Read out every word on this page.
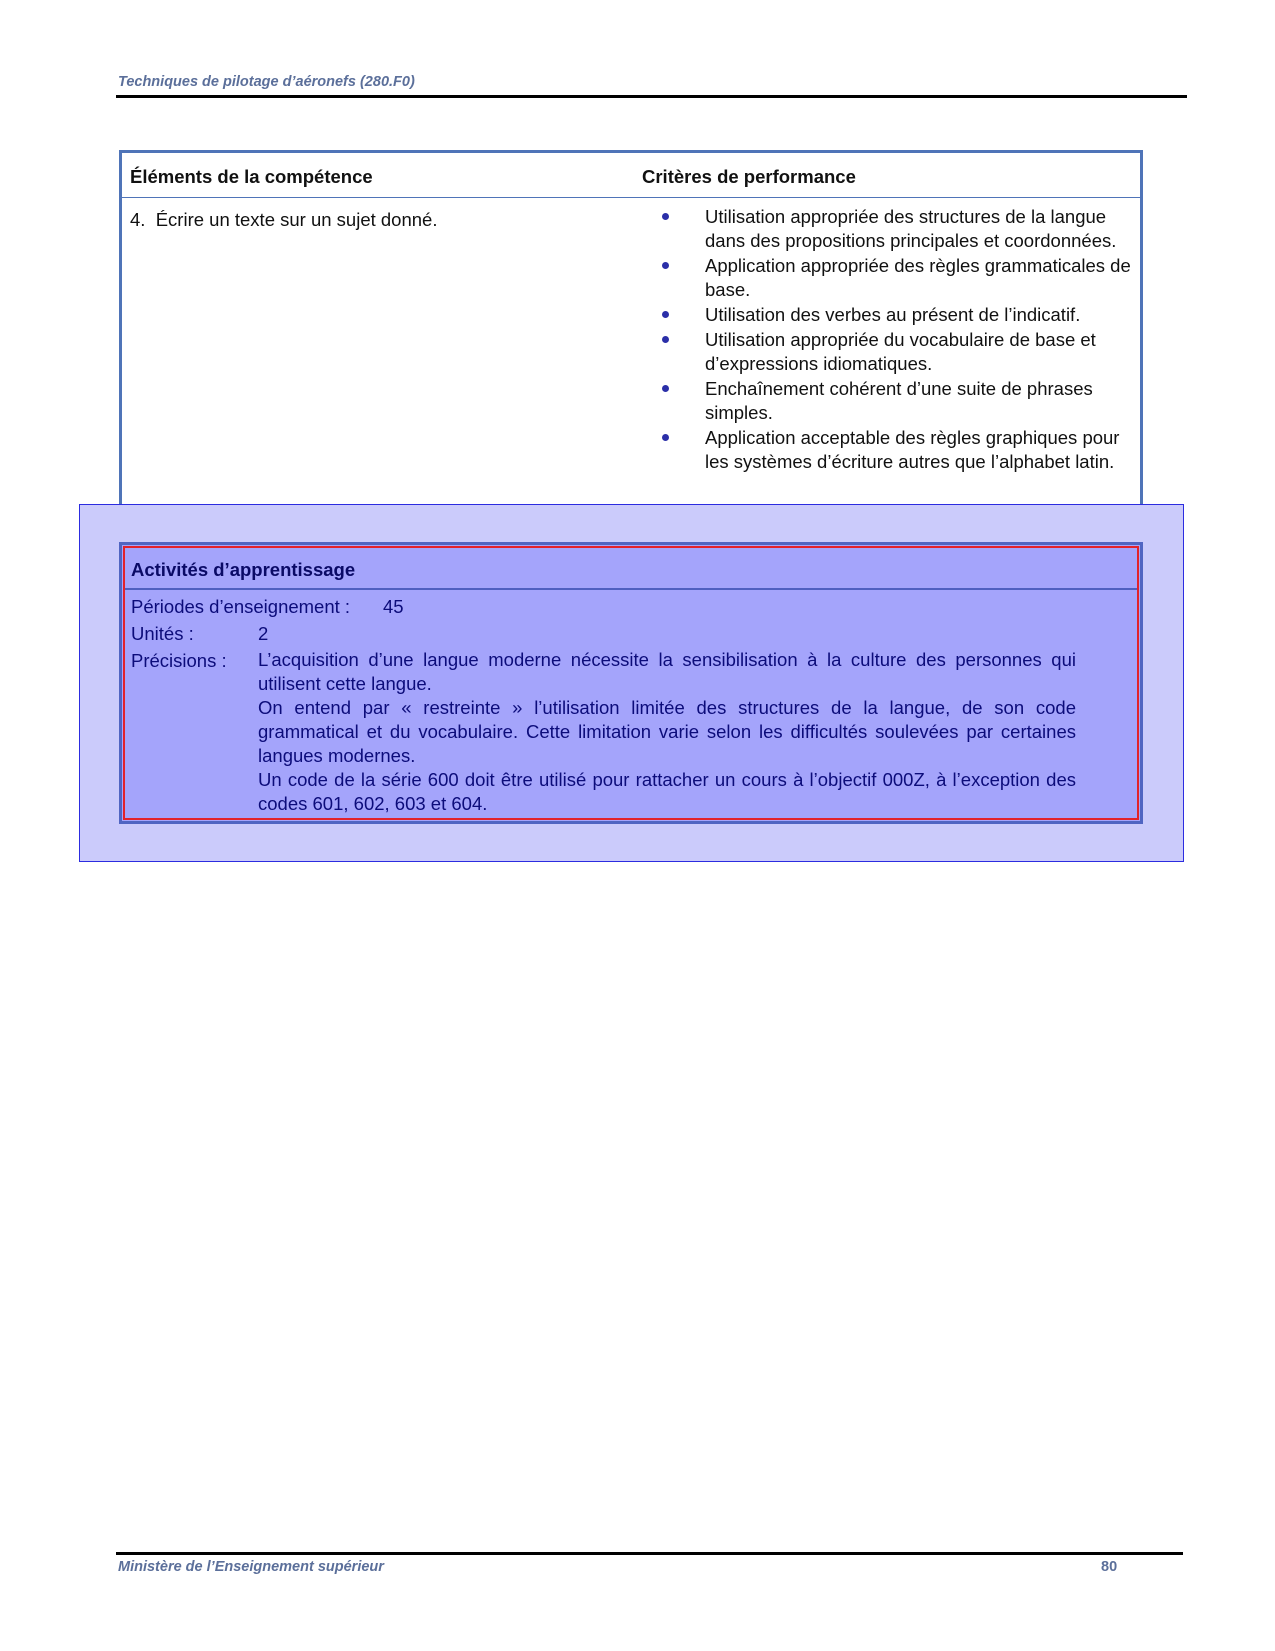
Techniques de pilotage d’aéronefs (280.F0)
Éléments de la compétence	Critères de performance
4.  Écrire un texte sur un sujet donné.	Utilisation appropriée des structures de la langue dans des propositions principales et coordonnées.
Application appropriée des règles grammaticales de base.
Utilisation des verbes au présent de l’indicatif.
Utilisation appropriée du vocabulaire de base et d’expressions idiomatiques.
Enchaînement cohérent d’une suite de phrases simples.
Application acceptable des règles graphiques pour les systèmes d’écriture autres que l’alphabet latin.
Activités d’apprentissage
Périodes d’enseignement : 45
Unités :	2
Précisions : L’acquisition d’une langue moderne nécessite la sensibilisation à la culture des personnes qui utilisent cette langue.

On entend par « restreinte » l’utilisation limitée des structures de la langue, de son code grammatical et du vocabulaire. Cette limitation varie selon les difficultés soulevées par certaines langues modernes.

Un code de la série 600 doit être utilisé pour rattacher un cours à l’objectif 000Z, à l’exception des codes 601, 602, 603 et 604.

Ministère de l’Enseignement supérieur	80
